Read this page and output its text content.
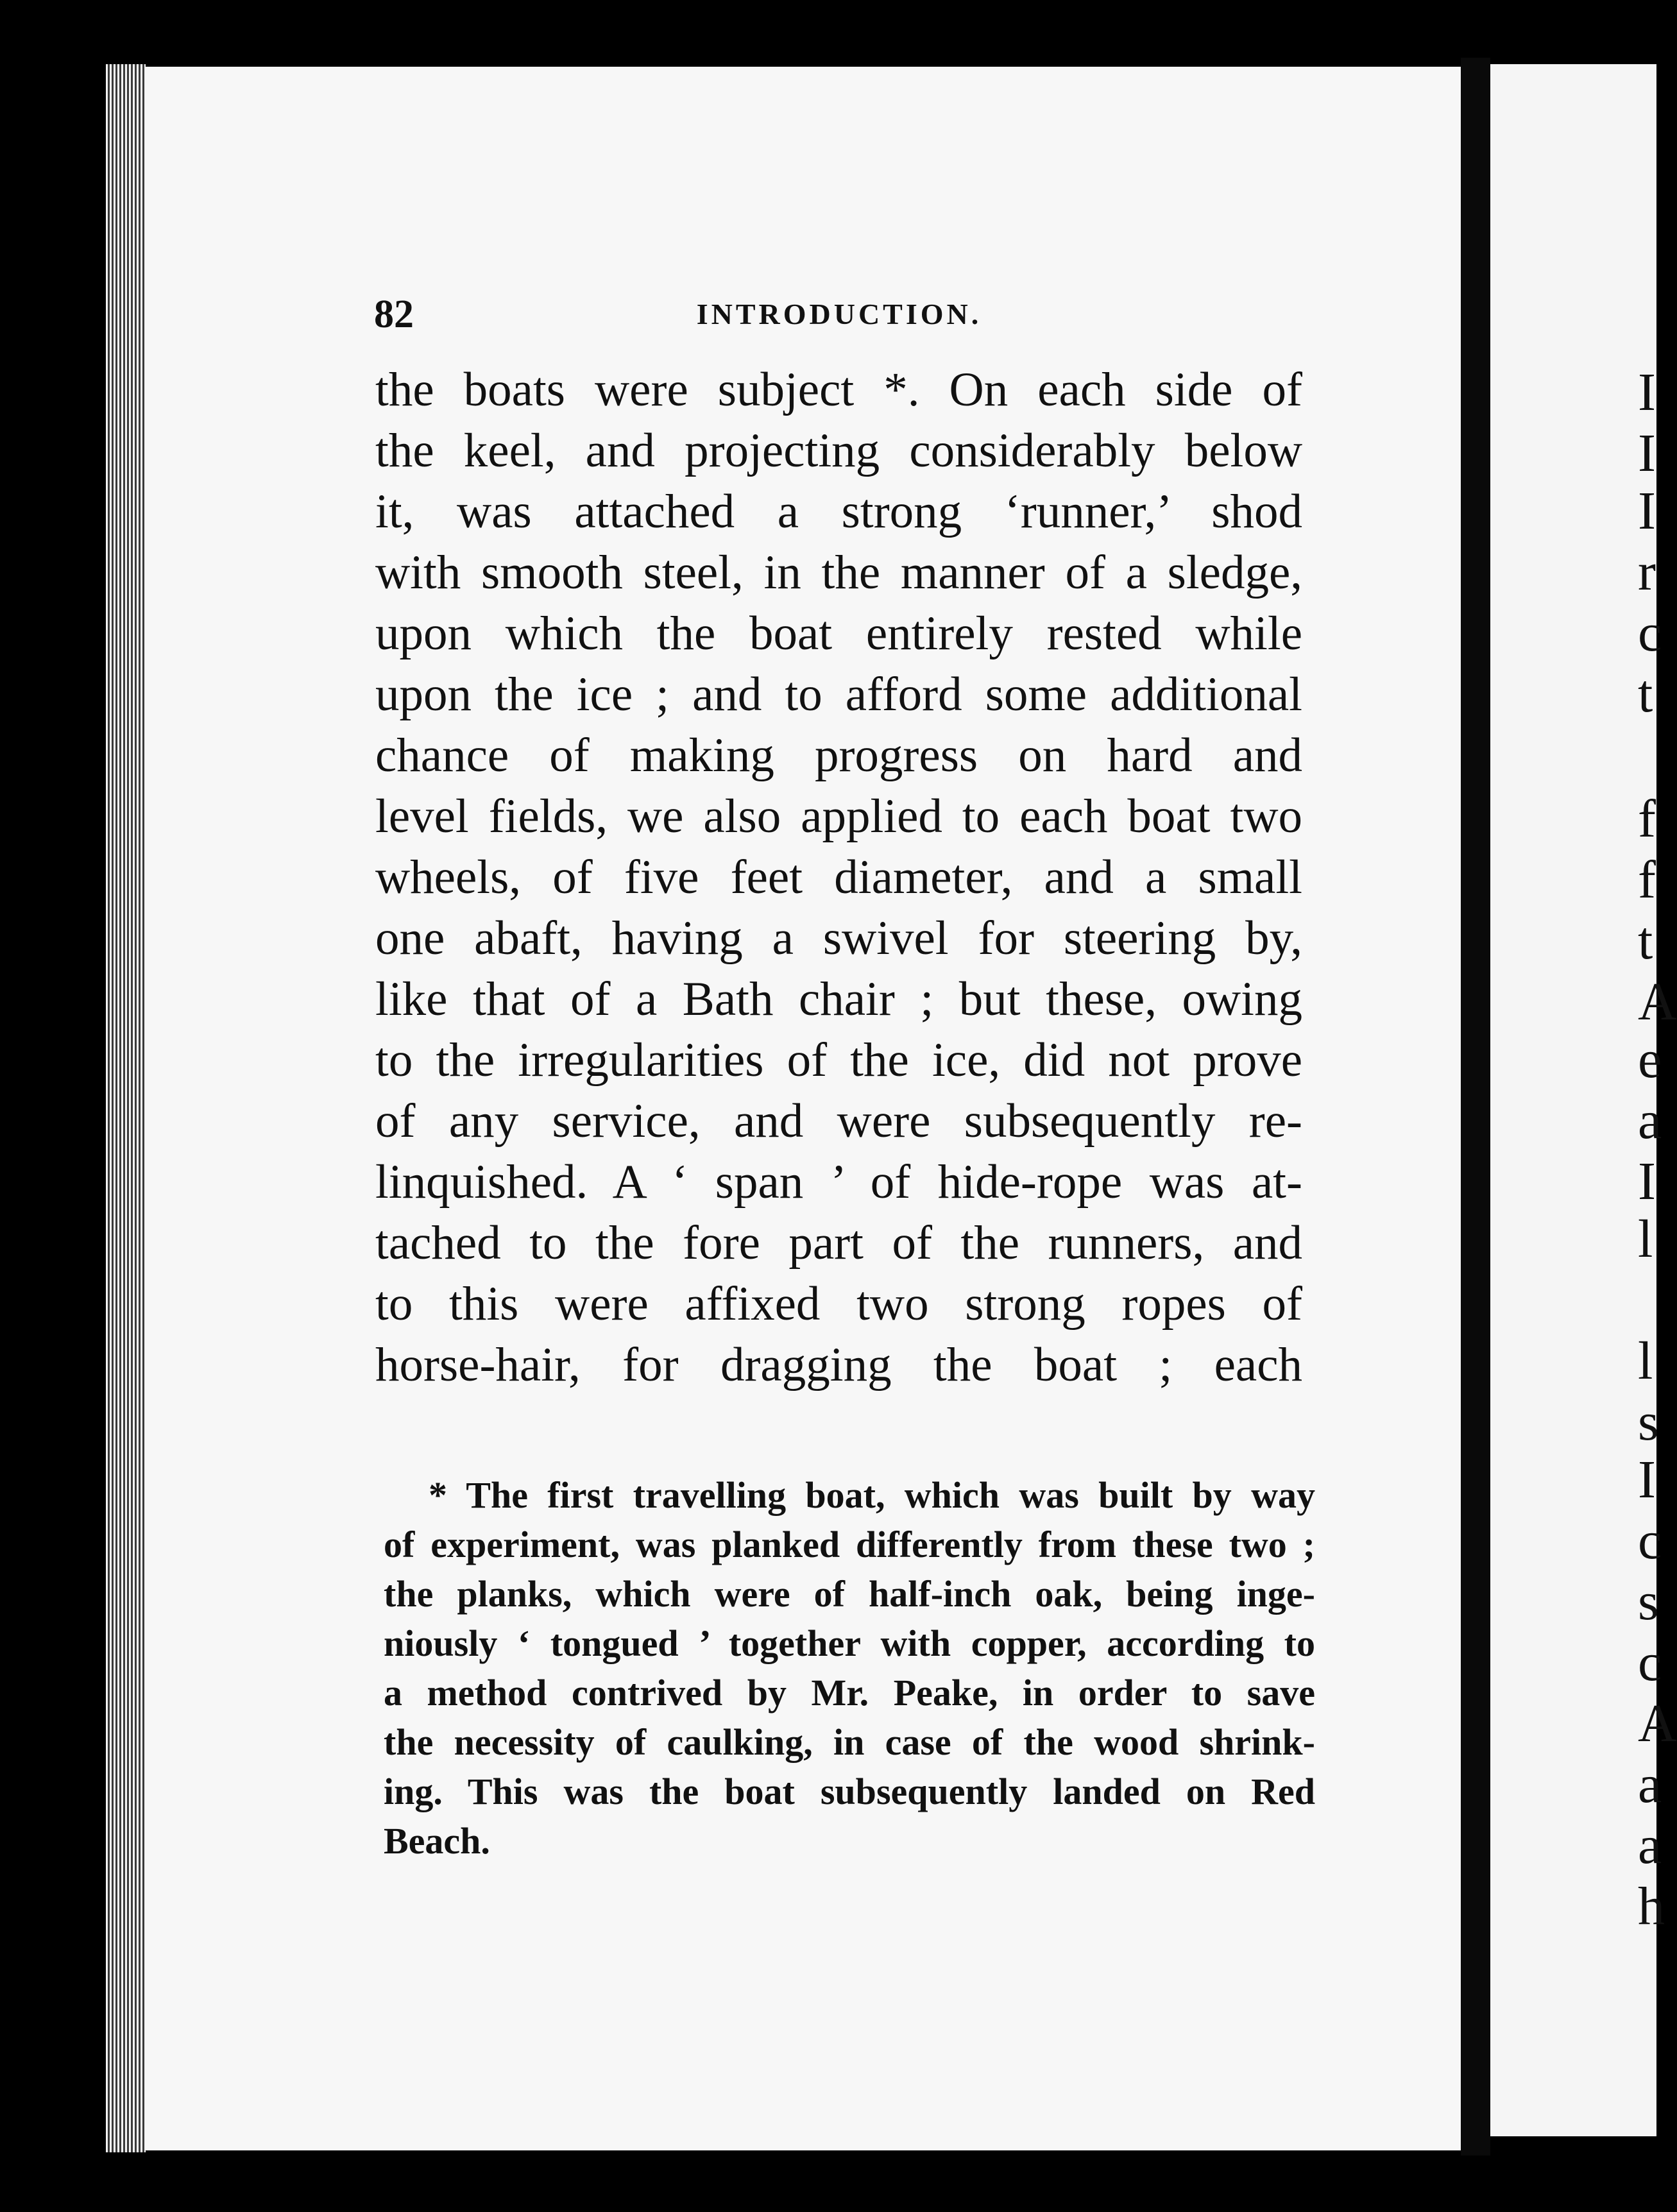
I
I
I
r
c
t
f
f
t
A
e
a
I
l
l
s
I
c
s
c
A
a
a
h
82	INTRODUCTION.
the boats were subject *. On each side of
the keel, and projecting considerably below
it, was attached a strong ‘runner,’ shod
with smooth steel, in the manner of a sledge,
upon which the boat entirely rested while
upon the ice ; and to afford some additional
chance of making progress on hard and
level fields, we also applied to each boat two
wheels, of five feet diameter, and a small
one abaft, having a swivel for steering by,
like that of a Bath chair ; but these, owing
to the irregularities of the ice, did not prove
of any service, and were subsequently re-
linquished. A ‘ span ’ of hide-rope was at-
tached to the fore part of the runners, and
to this were affixed two strong ropes of
horse-hair, for dragging the boat ; each
* The first travelling boat, which was built by way
of experiment, was planked differently from these two ;
the planks, which were of half-inch oak, being inge-
niously ‘ tongued ’ together with copper, according to
a method contrived by Mr. Peake, in order to save
the necessity of caulking, in case of the wood shrink-
ing. This was the boat subsequently landed on Red
Beach.
